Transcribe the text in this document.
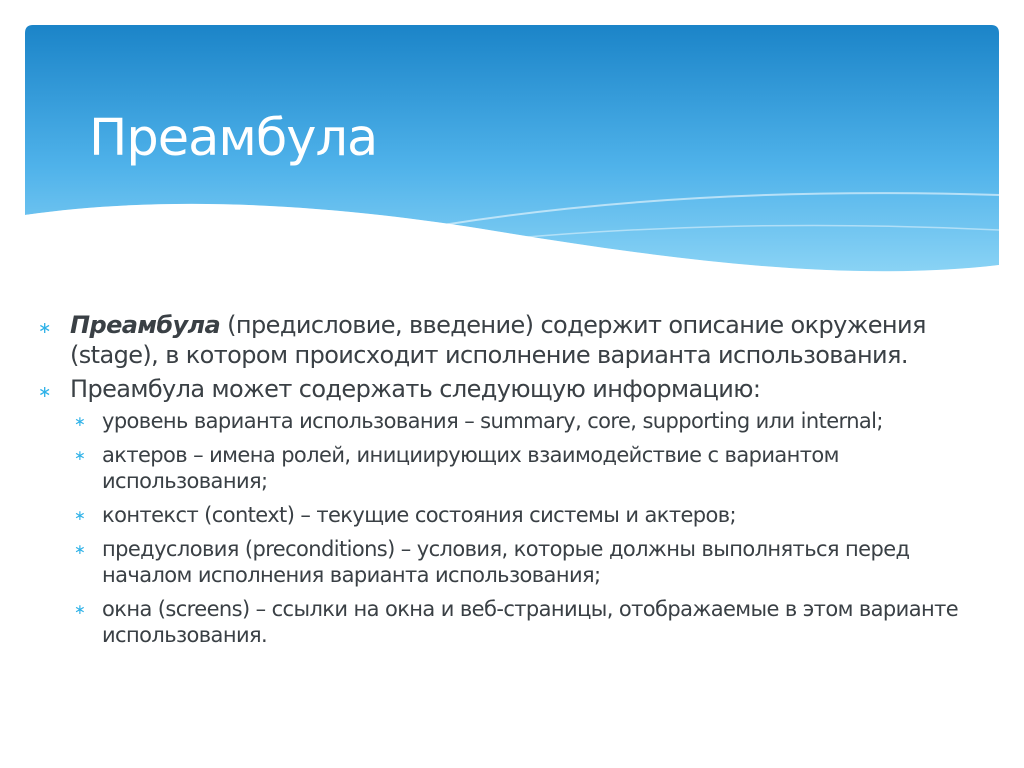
Преамбула
∗ Преамбула (предисловие, введение) содержит описание окружения (stage), в котором происходит исполнение варианта использования.
∗ Преамбула может содержать следующую информацию:
∗ уровень варианта использования – summary, core, supporting или internal;
∗ актеров – имена ролей, инициирующих взаимодействие с вариантом использования;
∗ контекст (context) – текущие состояния системы и актеров;
∗ предусловия (preconditions) – условия, которые должны выполняться перед началом исполнения варианта использования;
∗ окна (screens) – ссылки на окна и веб-страницы, отображаемые в этом варианте использования.
